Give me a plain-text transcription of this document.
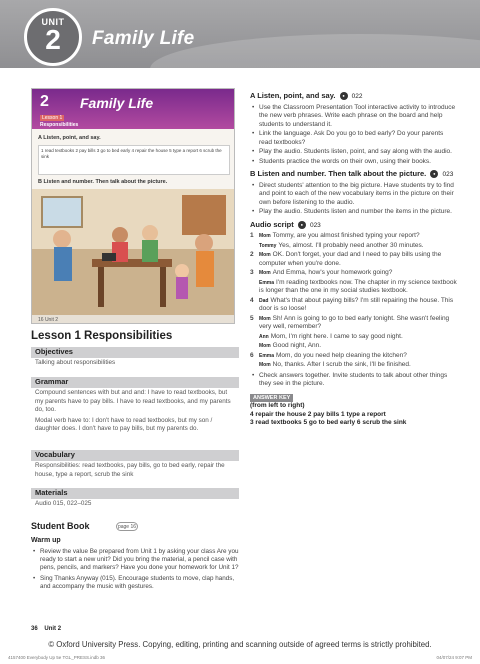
UNIT
2	Family Life
2 Family Life
Lesson 1
Responsibilities
A Listen, point, and say.
1 read textbooks 2 pay bills 3 go to bed early 4 repair the house 5 type a report 6 scrub the sink
B Listen and number. Then talk about the picture.
16 Unit 2
Lesson 1 Responsibilities
Objectives
Talking about responsibilities
Grammar

Compound sentences with but and and: I have to read textbooks, but my parents have to pay bills. I have to read textbooks, and my parents do, too.

Modal verb have to: I don't have to read textbooks, but my son / daughter does. I don't have to pay bills, but my parents do.

Vocabulary
Responsibilities: read textbooks, pay bills, go to bed early, repair the house, type a report, scrub the sink
Materials
Audio 015, 022–025
Student Book	page 16
Warm up
• Review the value Be prepared from Unit 1 by asking your class Are you ready to start a new unit? Did you bring the material, a pencil case with pens, pencils, and markers? Have you done your homework for Unit 1?
• Sing Thanks Anyway (015). Encourage students to move, clap hands, and accompany the music with gestures.
A Listen, point, and say. ● 022
• Use the Classroom Presentation Tool interactive activity to introduce the new verb phrases. Write each phrase on the board and help students to understand it.
• Link the language. Ask Do you go to bed early? Do your parents read textbooks?
• Play the audio. Students listen, point, and say along with the audio.
• Students practice the words on their own, using their books.
B Listen and number. Then talk about the picture. ● 023
• Direct students' attention to the big picture. Have students try to find and point to each of the new vocabulary items in the picture on their own before listening to the audio.
• Play the audio. Students listen and number the items in the picture.
Audio script ● 023
1 Mom Tommy, are you almost finished typing your report?
Tommy Yes, almost. I'll probably need another 30 minutes.
2 Mom OK. Don't forget, your dad and I need to pay bills using the computer when you're done.
3 Mom And Emma, how's your homework going?
Emma I'm reading textbooks now. The chapter in my science textbook is longer than the one in my social studies textbook.
4 Dad What's that about paying bills? I'm still repairing the house. This door is so loose!
5 Mom Sh! Ann is going to go to bed early tonight. She wasn't feeling very well, remember?
Ann Mom, I'm right here. I came to say good night.
Mom Good night, Ann.
6 Emma Mom, do you need help cleaning the kitchen?
Mom No, thanks. After I scrub the sink, I'll be finished.
• Check answers together. Invite students to talk about other things they see in the picture.
ANSWER KEY
(from left to right)
4 repair the house 2 pay bills 1 type a report
3 read textbooks 5 go to bed early 6 scrub the sink
36 Unit 2
© Oxford University Press. Copying, editing, printing and scanning outside of agreed terms is strictly prohibited.
4157400 Everybody Up 5e TGL_PRESS.indb 36	04/07/24 9:07 PM
